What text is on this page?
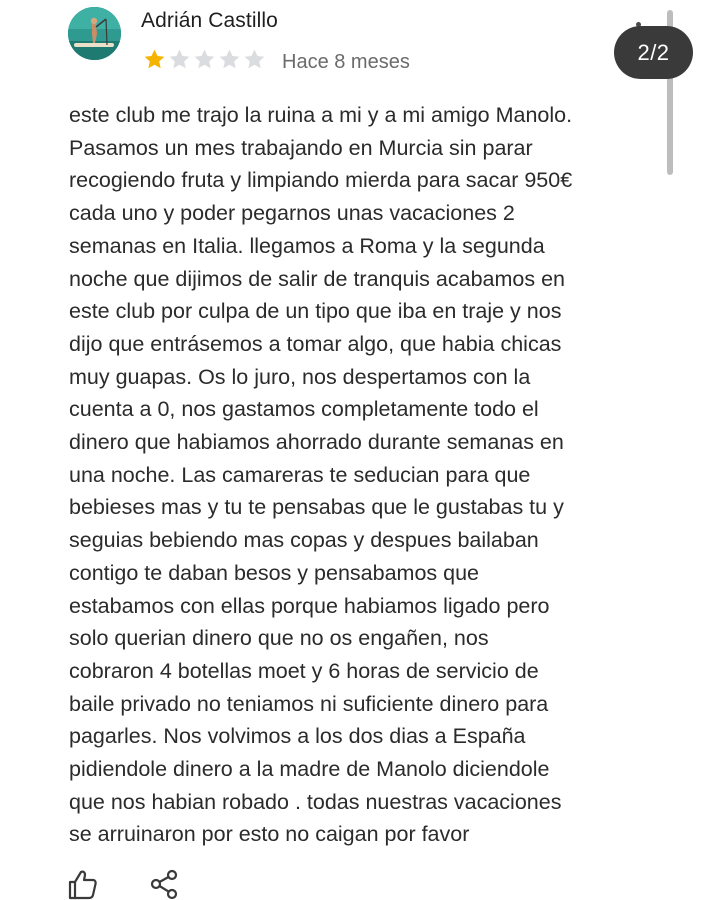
Adrián Castillo
Hace 8 meses	2/2
este club me trajo la ruina a mi y a mi amigo Manolo.
Pasamos un mes trabajando en Murcia sin parar
recogiendo fruta y limpiando mierda para sacar 950€
cada uno y poder pegarnos unas vacaciones 2
semanas en Italia. llegamos a Roma y la segunda
noche que dijimos de salir de tranquis acabamos en
este club por culpa de un tipo que iba en traje y nos
dijo que entrásemos a tomar algo, que habia chicas
muy guapas. Os lo juro, nos despertamos con la
cuenta a 0, nos gastamos completamente todo el
dinero que habiamos ahorrado durante semanas en
una noche. Las camareras te seducian para que
bebieses mas y tu te pensabas que le gustabas tu y
seguias bebiendo mas copas y despues bailaban
contigo te daban besos y pensabamos que
estabamos con ellas porque habiamos ligado pero
solo querian dinero que no os engañen, nos
cobraron 4 botellas moet y 6 horas de servicio de
baile privado no teniamos ni suficiente dinero para
pagarles. Nos volvimos a los dos dias a España
pidiendole dinero a la madre de Manolo diciendole
que nos habian robado . todas nuestras vacaciones
se arruinaron por esto no caigan por favor
